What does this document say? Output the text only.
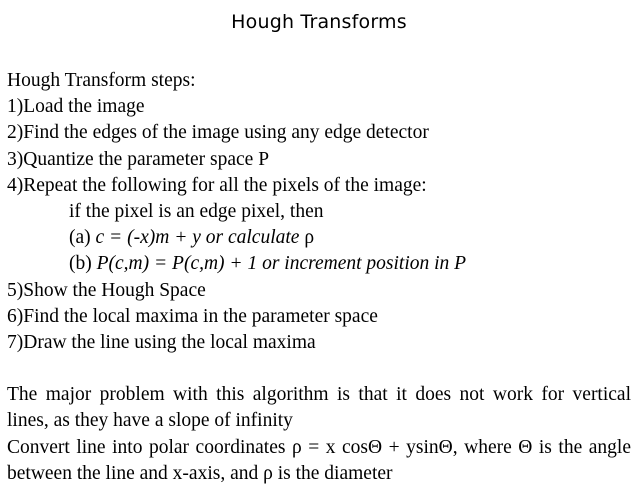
Hough Transforms
Hough Transform steps:
1)Load the image
2)Find the edges of the image using any edge detector
3)Quantize the parameter space P
4)Repeat the following for all the pixels of the image:
if the pixel is an edge pixel, then
(a) c = (-x)m + y or calculate ρ
(b) P(c,m) = P(c,m) + 1 or increment position in P
5)Show the Hough Space
6)Find the local maxima in the parameter space
7)Draw the line using the local maxima
The major problem with this algorithm is that it does not work for vertical lines, as they have a slope of infinity
Convert line into polar coordinates ρ = x cosΘ + ysinΘ, where Θ is the angle between the line and x-axis, and ρ is the diameter
